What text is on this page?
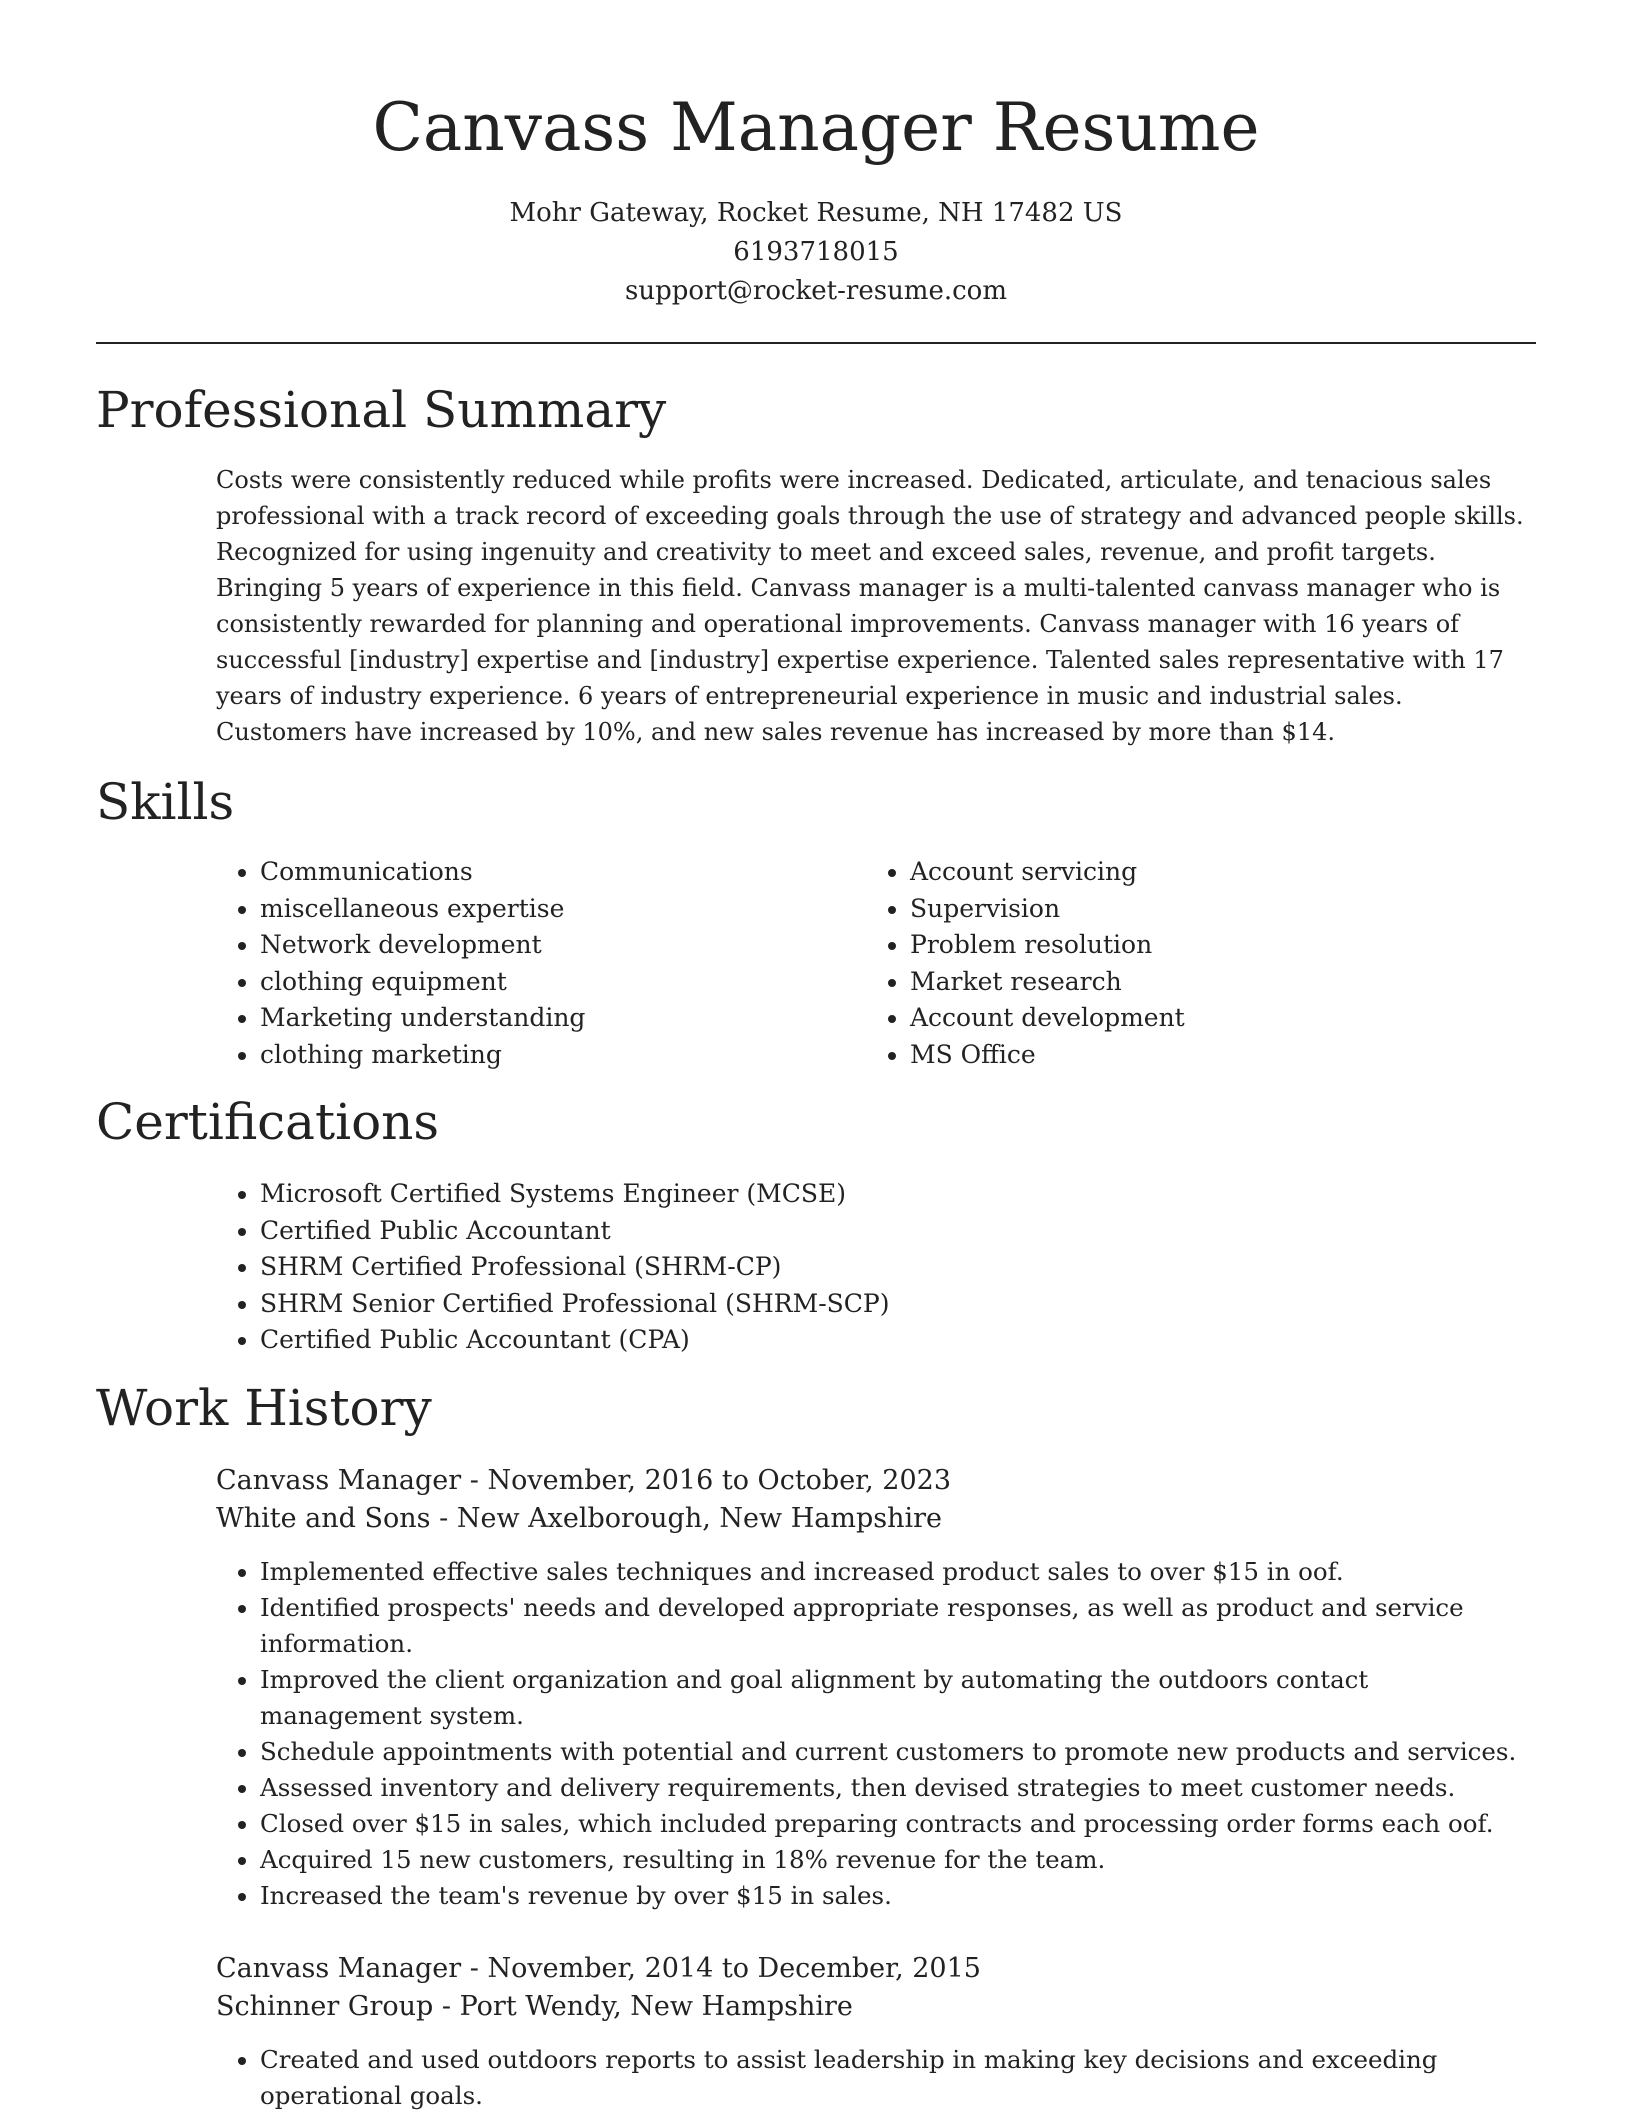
Canvass Manager Resume

Mohr Gateway, Rocket Resume, NH 17482 US

6193718015

support@rocket-resume.com

Professional Summary

Costs were consistently reduced while profits were increased. Dedicated, articulate, and tenacious sales professional with a track record of exceeding goals through the use of strategy and advanced people skills. Recognized for using ingenuity and creativity to meet and exceed sales, revenue, and profit targets. Bringing 5 years of experience in this field. Canvass manager is a multi-talented canvass manager who is consistently rewarded for planning and operational improvements. Canvass manager with 16 years of successful [industry] expertise and [industry] expertise experience. Talented sales representative with 17 years of industry experience. 6 years of entrepreneurial experience in music and industrial sales. Customers have increased by 10%, and new sales revenue has increased by more than $14.

Skills
• Communications
• miscellaneous expertise
• Network development
• clothing equipment
• Marketing understanding
• clothing marketing
• Account servicing
• Supervision
• Problem resolution
• Market research
• Account development
• MS Office
Certifications
• Microsoft Certified Systems Engineer (MCSE)
• Certified Public Accountant
• SHRM Certified Professional (SHRM-CP)
• SHRM Senior Certified Professional (SHRM-SCP)
• Certified Public Accountant (CPA)
Work History

Canvass Manager - November, 2016 to October, 2023

White and Sons - New Axelborough, New Hampshire

• Implemented effective sales techniques and increased product sales to over $15 in oof.
• Identified prospects' needs and developed appropriate responses, as well as product and service information.
• Improved the client organization and goal alignment by automating the outdoors contact management system.
• Schedule appointments with potential and current customers to promote new products and services.
• Assessed inventory and delivery requirements, then devised strategies to meet customer needs.
• Closed over $15 in sales, which included preparing contracts and processing order forms each oof.
• Acquired 15 new customers, resulting in 18% revenue for the team.
• Increased the team's revenue by over $15 in sales.

Canvass Manager - November, 2014 to December, 2015

Schinner Group - Port Wendy, New Hampshire

• Created and used outdoors reports to assist leadership in making key decisions and exceeding operational goals.
